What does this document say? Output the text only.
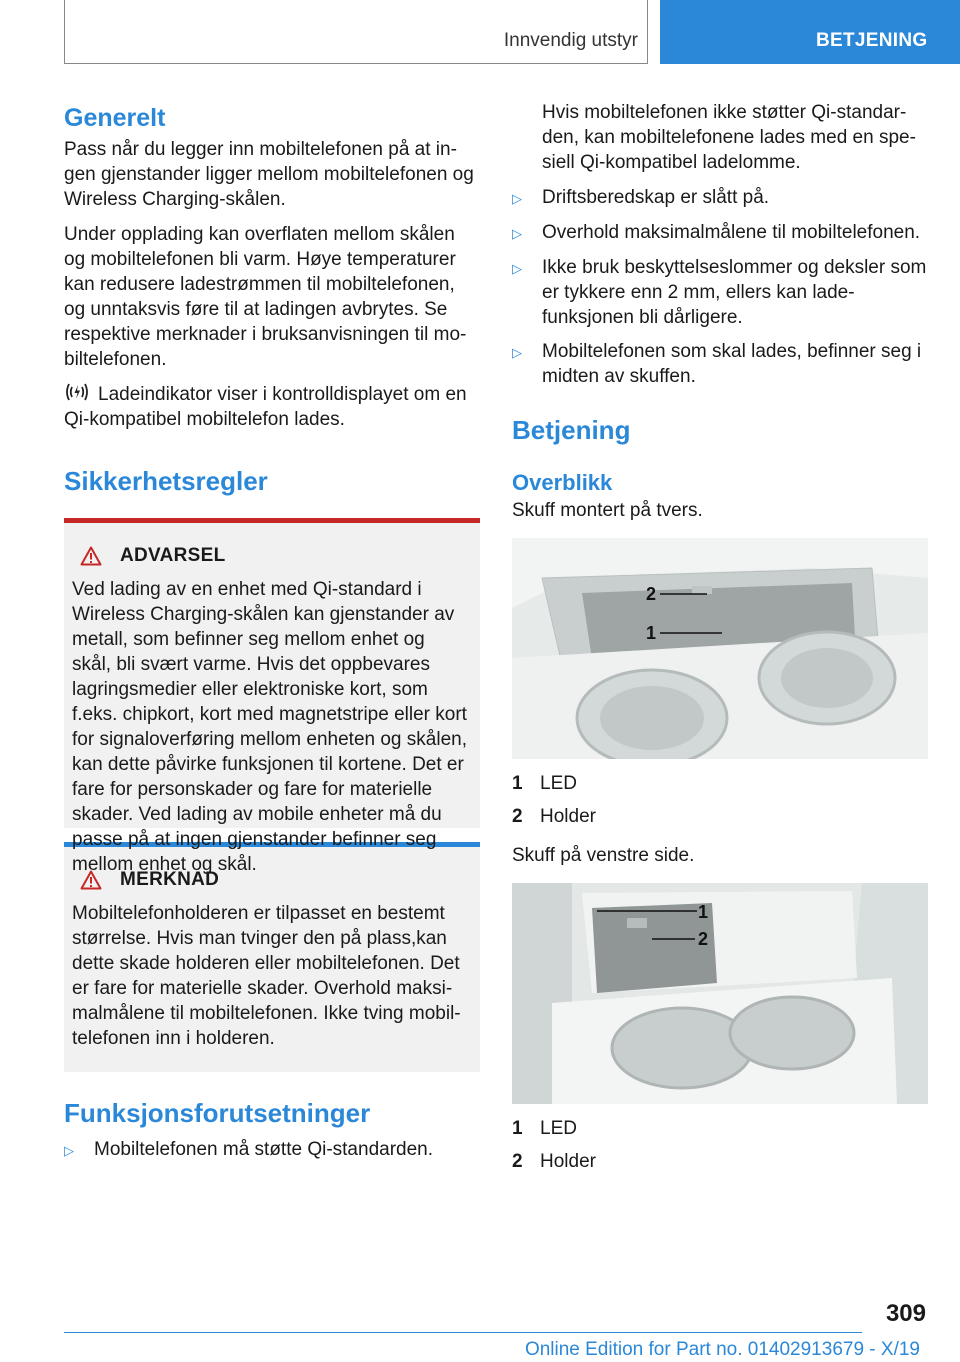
Innvendig utstyr	BETJENING
Generelt

Pass når du legger inn mobiltelefonen på at ingen gjenstander ligger mellom mobiltelefonen og Wireless Charging-skålen.

Under opplading kan overflaten mellom skålen og mobiltelefonen bli varm. Høye temperaturer kan redusere ladestrømmen til mobiltelefonen, og unntaksvis føre til at ladingen avbrytes. Se respektive merknader i bruksanvisningen til mobiltelefonen.

Ladeindikator viser i kontrolldisplayet om en Qi-kompatibel mobiltelefon lades.

Sikkerhetsregler
ADVARSEL

Ved lading av en enhet med Qi-standard i Wireless Charging-skålen kan gjenstander av metall, som befinner seg mellom enhet og skål, bli svært varme. Hvis det oppbevares lagringsmedier eller elektroniske kort, som f.eks. chipkort, kort med magnetstripe eller kort for signaloverføring mellom enheten og skålen, kan dette påvirke funksjonen til kortene. Det er fare for personskader og fare for materielle skader. Ved lading av mobile enheter må du passe på at ingen gjenstander befinner seg mellom enhet og skål.

MERKNAD

Mobiltelefonholderen er tilpasset en bestemt størrelse. Hvis man tvinger den på plass,kan dette skade holderen eller mobiltelefonen. Det er fare for materielle skader. Overhold maksimalmålene til mobiltelefonen. Ikke tving mobiltelefonen inn i holderen.

Funksjonsforutsetninger
▷	Mobiltelefonen må støtte Qi-standarden.

Hvis mobiltelefonen ikke støtter Qi-standarden, kan mobiltelefonene lades med en spesiell Qi-kompatibel ladelomme.

▷	Driftsberedskap er slått på.
▷	Overhold maksimalmålene til mobiltelefonen.
▷	Ikke bruk beskyttelseslommer og deksler som er tykkere enn 2 mm, ellers kan ladefunksjonen bli dårligere.
▷	Mobiltelefonen som skal lades, befinner seg i midten av skuffen.
Betjening
Overblikk

Skuff montert på tvers.

2
1
1 LED
2 Holder

Skuff på venstre side.

1
2
1 LED
2 Holder
309
Online Edition for Part no. 01402913679 - X/19
